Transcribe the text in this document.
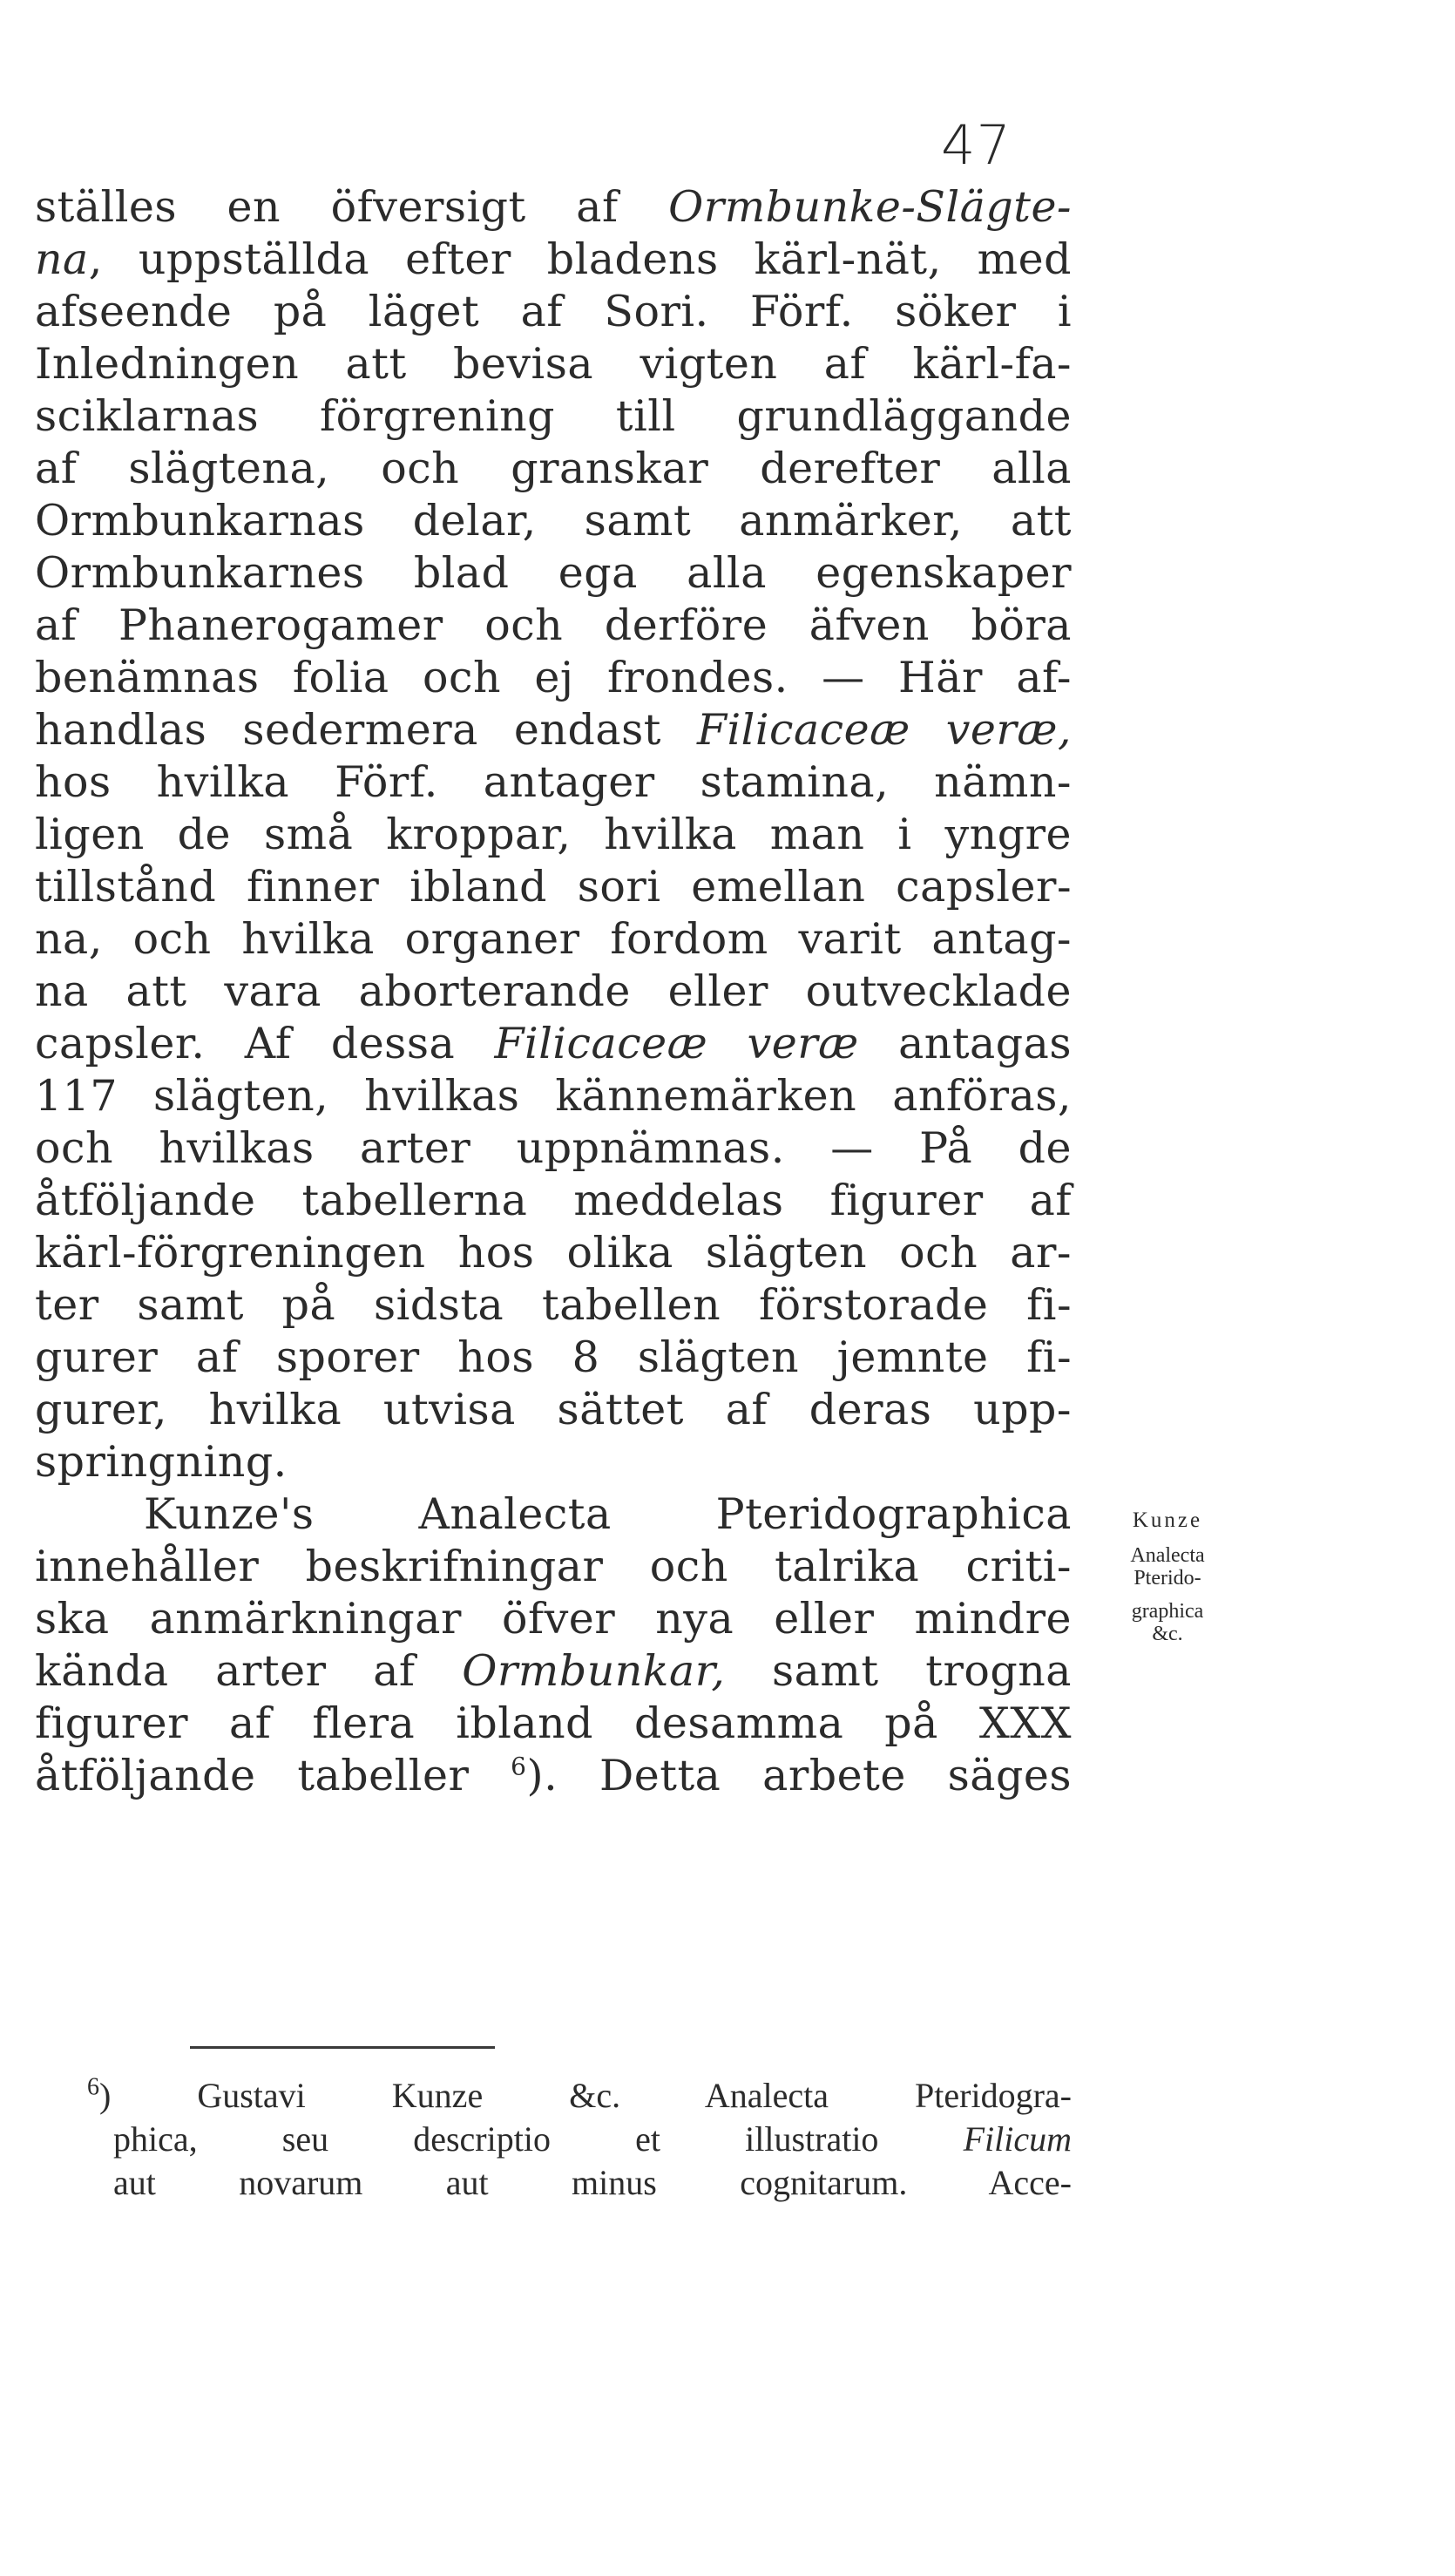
47
ställes en öfversigt af Ormbunke-Slägte-
na, uppställda efter bladens kärl-nät, med
afseende på läget af Sori. Förf. söker i
Inledningen att bevisa vigten af kärl-fa-
sciklarnas förgrening till grundläggande
af slägtena, och granskar derefter alla
Ormbunkarnas delar, samt anmärker, att
Ormbunkarnes blad ega alla egenskaper
af Phanerogamer och derföre äfven böra
benämnas folia och ej frondes. — Här af-
handlas sedermera endast Filicaceæ veræ,
hos hvilka Förf. antager stamina, nämn-
ligen de små kroppar, hvilka man i yngre
tillstånd finner ibland sori emellan capsler-
na, och hvilka organer fordom varit antag-
na att vara aborterande eller outvecklade
capsler. Af dessa Filicaceæ veræ antagas
117 slägten, hvilkas kännemärken anföras,
och hvilkas arter uppnämnas. — På de
åtföljande tabellerna meddelas figurer af
kärl-förgreningen hos olika slägten och ar-
ter samt på sidsta tabellen förstorade fi-
gurer af sporer hos 8 slägten jemnte fi-
gurer, hvilka utvisa sättet af deras upp-
springning.
Kunze's Analecta Pteridographica
innehåller beskrifningar och talrika criti-
ska anmärkningar öfver nya eller mindre
kända arter af Ormbunkar, samt trogna
figurer af flera ibland desamma på XXX
åtföljande tabeller $^6$). Detta arbete säges
Kunze
Analecta
Pterido-
graphica
&c.
$^6$) Gustavi Kunze &c. Analecta Pteridogra-
phica, seu descriptio et illustratio Filicum
aut novarum aut minus cognitarum. Acce-
